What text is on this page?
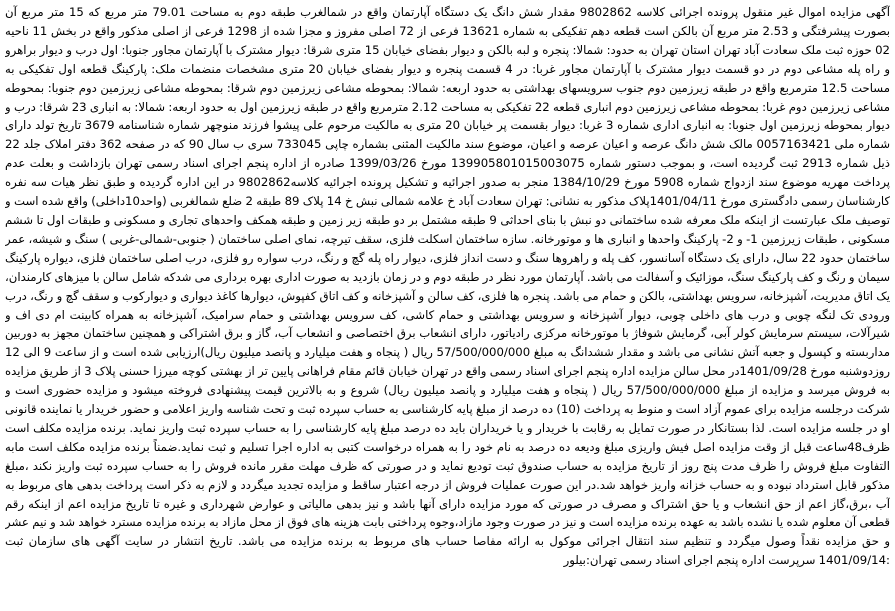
آگهی مزایده اموال غیر منقول پرونده اجرائی کلاسه 9802862 مقدار شش دانگ یک دستگاه آپارتمان واقع در شمالغرب طبقه دوم به مساحت 79.01 متر مربع که 15 متر مربع آن بصورت پیشرفتگی و 2.53 متر مربع آن بالکن است قطعه دهم تفکیکی به شماره 13621 فرعی از 72 اصلی مفروز و مجزا شده از 1298 فرعی از اصلی مذکور واقع در بخش 11 ناحیه 02 حوزه ثبت ملک سعادت آباد تهران استان تهران به حدود: شمالا: پنجره و لبه بالکن و دیوار بفضای خیابان 15 متری شرقا: دیوار مشترک با آپارتمان مجاور جنوبا: اول درب و دیوار براهرو و راه پله مشاعی دوم در دو قسمت دیوار مشترک با آپارتمان مجاور غربا: در 4 قسمت پنجره و دیوار بفضای خیابان 20 متری مشخصات منضمات ملک: پارکینگ قطعه اول تفکیکی به مساحت 12.5 مترمربع واقع در طبقه زیرزمین دوم جنوب سرویسهای بهداشتی به حدود اربعه: شمالا: بمحوطه مشاعی زیرزمین دوم شرقا: بمحوطه مشاعی زیرزمین دوم جنوبا: بمحوطه مشاعی زیرزمین دوم غربا: بمحوطه مشاعی زیرزمین دوم انباری قطعه 22 تفکیکی به مساحت 2.12 مترمربع واقع در طبقه زیرزمین اول به حدود اربعه: شمالا: به انباری 23 شرقا: درب و دیوار بمحوطه زیرزمین اول جنوبا: به انباری اداری شماره 3 غربا: دیوار بقسمت پر خیابان 20 متری به مالکیت مرحوم علی پیشوا فرزند منوچهر شماره شناسنامه 3679 تاریخ تولد دارای شماره ملی 0057163421 مالک شش دانگ عرصه و اعیان عرصه و اعیان، موضوع سند مالکیت المثنی بشماره چاپی 733045 سری ب سال 90 که در صفحه 362 دفتر املاک جلد 22 ذیل شماره 2913 ثبت گردیده است، و بموجب دستور شماره 139905801015003075 مورخ 1399/03/26 صادره از اداره پنجم اجرای اسناد رسمی تهران بازداشت و بعلت عدم پرداخت مهریه موضوع سند ازدواج شماره 5908 مورخ 1384/10/29 منجر به صدور اجرائیه و تشکیل پرونده اجرائیه کلاسه9802862 در این اداره گردیده و طبق نظر هیات سه نفره کارشناسان رسمی دادگستری مورخ 1401/04/11پلاک مذکور به نشانی: تهران سعادت آباد خ علامه شمالی نبش خ 14 پلاک 89 طبقه 2 ضلع شمالغربی (واحد10داخلی) واقع شده است و توصیف ملک عبارتست از اینکه ملک معرفه شده ساختمانی دو نبش با بنای احداثی 9 طبقه مشتمل بر دو طبقه زیر زمین و طبقه همکف واحدهای تجاری و مسکونی و طبقات اول تا ششم مسکونی ، طبقات زیرزمین 1- و 2- پارکینگ واحدها و انباری ها و موتورخانه. سازه ساختمان اسکلت فلزی، سقف تیرچه، نمای اصلی ساختمان ( جنوبی-شمالی-غربی ) سنگ و شیشه، عمر ساختمان حدود 22 سال، دارای یک دستگاه آسانسور، کف پله و راهروها سنگ و دست انداز فلزی، دیوار راه پله گچ و رنگ، درب سواره رو فلزی، درب اصلی ساختمان فلزی، دیواره پارکینگ سیمان و رنگ و کف پارکینگ سنگ، موزائیک و آسفالت می باشد. آپارتمان مورد نظر در طبقه دوم و در زمان بازدید به صورت اداری بهره برداری می شدکه شامل سالن با میزهای کارمندان، یک اتاق مدیریت، آشپزخانه، سرویس بهداشتی، بالکن و حمام می باشد. پنجره ها فلزی، کف سالن و آشپزخانه و کف اتاق کفپوش، دیوارها کاغذ دیواری و دیوارکوب و سقف گچ و رنگ، درب ورودی تک لنگه چوبی و درب های داخلی چوبی، دیوار آشپزخانه و سرویس بهداشتی و حمام کاشی، کف سرویس بهداشتی و حمام سرامیک، آشپزخانه به همراه کابینت ام دی اف و شیرآلات، سیستم سرمایش کولر آبی، گرمایش شوفاژ با موتورخانه مرکزی رادیاتور، دارای انشعاب برق اختصاصی و انشعاب آب، گاز و برق اشتراکی و همچنین ساختمان مجهز به دوربین مداربسته و کپسول و جعبه آتش نشانی می باشد و مقدار ششدانگ به مبلغ 57/500/000/000 ریال ( پنجاه و هفت میلیارد و پانصد میلیون ریال)ارزیابی شده است و از ساعت 9 الی 12 روزدوشنبه مورخ 1401/09/28در محل سالن مزایده اداره پنجم اجرای اسناد رسمی واقع در تهران خیابان قائم مقام فراهانی پایین تر از بهشتی کوچه میرزا حسنی پلاک 3 از طریق مزایده به فروش میرسد و مزایده از مبلغ 57/500/000/000 ریال ( پنجاه و هفت میلیارد و پانصد میلیون ریال) شروع و به بالاترین قیمت پیشنهادی فروخته میشود و مزایده حضوری است و شرکت درجلسه مزایده برای عموم آزاد است و منوط به پرداخت (10) ده درصد از مبلغ پایه کارشناسی به حساب سپرده ثبت و تحت شناسه واریز اعلامی و حضور خریدار یا نماینده قانونی او در جلسه مزایده است. لذا بستانکار در صورت تمایل به رقابت با خریدار و یا خریداران باید ده درصد مبلغ پایه کارشناسی را به حساب سپرده ثبت واریز نماید. برنده مزایده مکلف است ظرف48ساعت قبل از وقت مزایده اصل فیش واریزی مبلغ ودیعه ده درصد به نام خود را به همراه درخواست کتبی به اداره اجرا تسلیم و ثبت نماید.ضمناً برنده مزایده مکلف است مابه التفاوت مبلغ فروش را ظرف مدت پنج روز از تاریخ مزایده به حساب صندوق ثبت تودیع نماید و در صورتی که ظرف مهلت مقرر مانده فروش را به حساب سپرده ثبت واریز نکند ،مبلغ مذکور قابل استرداد نبوده و به حساب خزانه واریز خواهد شد.در این صورت عملیات فروش از درجه اعتبار ساقط و مزایده تجدید میگردد و لازم به ذکر است پرداخت بدهی های مربوط به آب ،برق،گاز اعم از حق انشعاب و یا حق اشتراک و مصرف در صورتی که مورد مزایده دارای آنها باشد و نیز بدهی مالیاتی و عوارض شهرداری و غیره تا تاریخ مزایده اعم از اینکه رقم قطعی آن معلوم شده یا نشده باشد به عهده برنده مزایده است و نیز در صورت وجود مازاد،وجوه پرداختی بابت هزینه های فوق از محل مازاد به برنده مزایده مسترد خواهد شد و نیم عشر و حق مزایده نقداً وصول میگردد و تنظیم سند انتقال اجرائی موکول به ارائه مفاصا حساب های مربوط به برنده مزایده می باشد. تاریخ انتشار در سایت آگهی های سازمان ثبت :1401/09/14 سرپرست اداره پنجم اجرای اسناد رسمی تهران:بیلور
